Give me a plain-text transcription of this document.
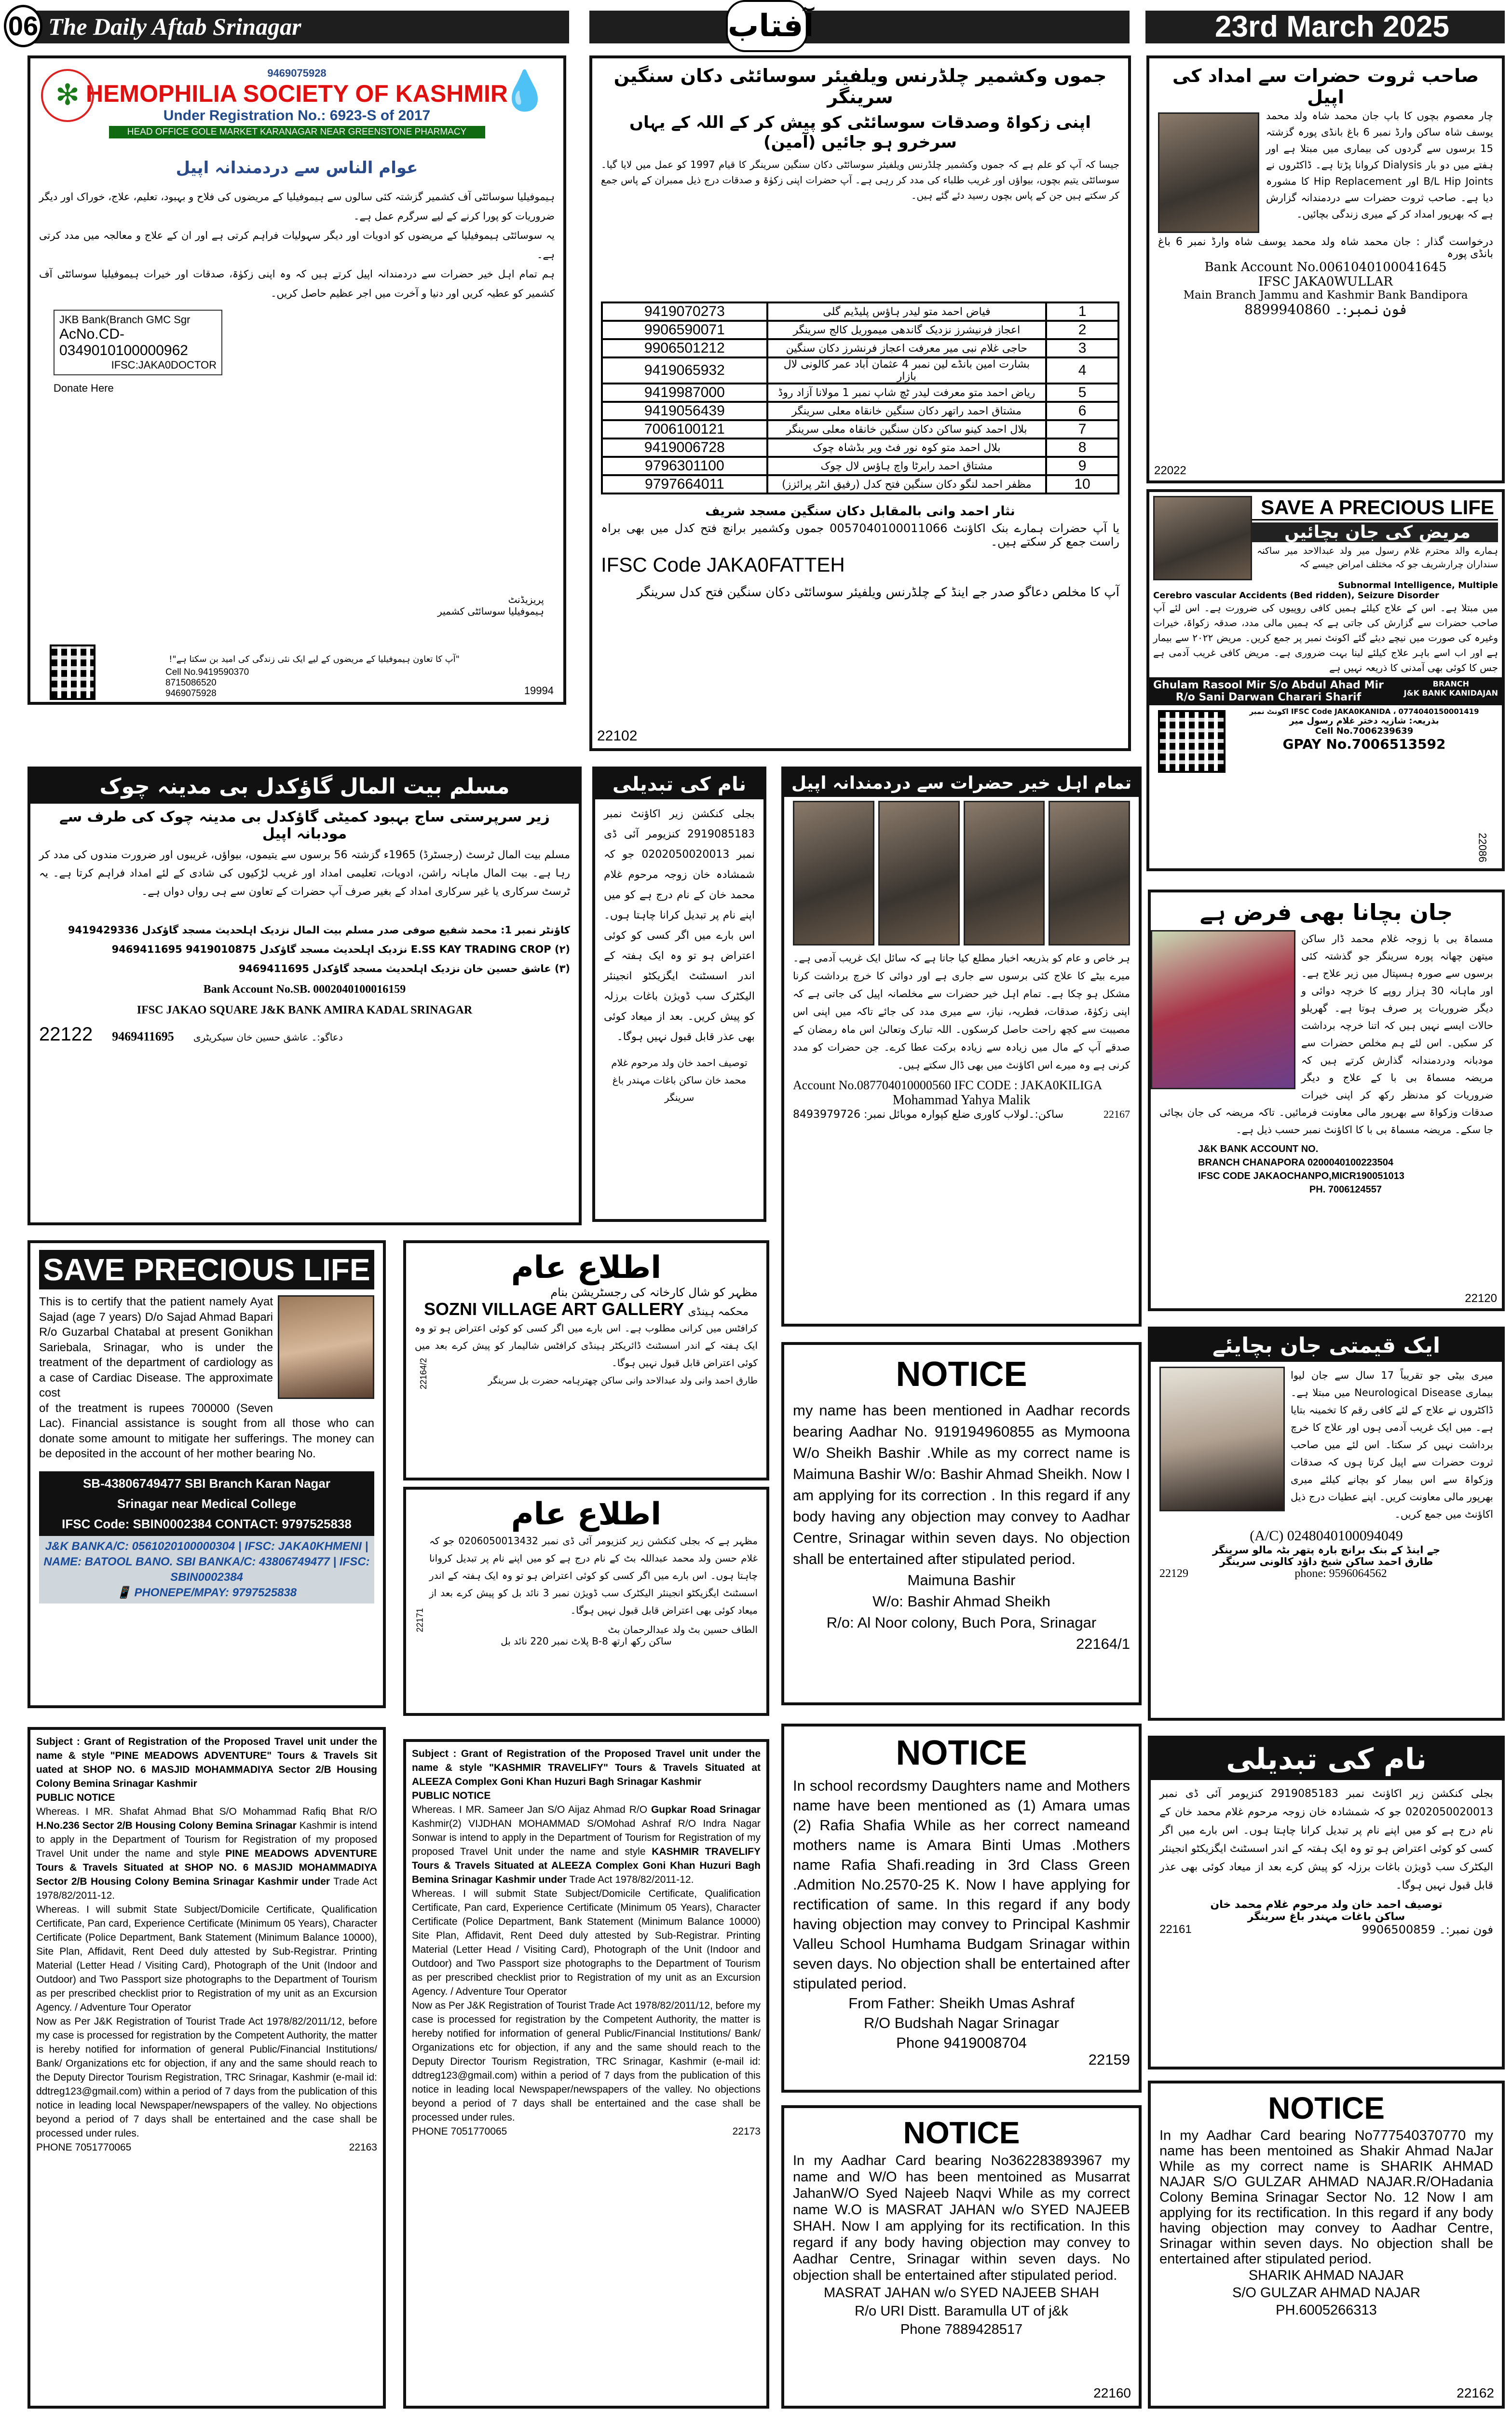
06 The Daily Aftab Srinagar	آفتاب	23rd March 2025
✻	💧
9469075928
HEMOPHILIA SOCIETY OF KASHMIR
Under Registration No.: 6923-S of 2017
HEAD OFFICE GOLE MARKET KARANAGAR NEAR GREENSTONE PHARMACY
عوام الناس سے دردمندانہ اپیل
ہیموفیلیا سوسائٹی آف کشمیر گزشتہ کئی سالوں سے ہیموفیلیا کے مریضوں کی فلاح و بہبود، تعلیم، علاج، خوراک اور دیگر ضروریات کو پورا کرنے کے لیے سرگرم عمل ہے۔
یہ سوسائٹی ہیموفیلیا کے مریضوں کو ادویات اور دیگر سہولیات فراہم کرتی ہے اور ان کے علاج و معالجہ میں مدد کرتی ہے۔
ہم تمام اہل خیر حضرات سے دردمندانہ اپیل کرتے ہیں کہ وہ اپنی زکوٰۃ، صدقات اور خیرات ہیموفیلیا سوسائٹی آف کشمیر کو عطیہ کریں اور دنیا و آخرت میں اجر عظیم حاصل کریں۔
JKB Bank(Branch GMC Sgr
AcNo.CD-0349010100000962
IFSC:JAKA0DOCTOR
پریزیڈنٹ
ہیموفیلیا سوسائٹی کشمیر
Donate Here
"آپ کا تعاون ہیموفیلیا کے مریضوں کے لیے ایک نئی زندگی کی امید بن سکتا ہے"!
Cell No.9419590370
8715086520
9469075928	19994
جموں وکشمیر چلڈرنس ویلفیئر سوسائٹی دکان سنگین سرینگر
اپنی زکواۃ وصدقات سوسائٹی کو پیش کر کے اللہ کے یہاں سرخرو ہو جائیں (آمین)
جیسا کہ آپ کو علم ہے کہ جموں وکشمیر چلڈرنس ویلفیئر سوسائٹی دکان سنگین سرینگر کا قیام 1997 کو عمل میں لایا گیا۔ سوسائٹی یتیم بچوں، بیواؤں اور غریب طلباء کی مدد کر رہی ہے۔ آپ حضرات اپنی زکوٰۃ و صدقات درج ذیل ممبران کے پاس جمع کر سکتے ہیں جن کے پاس بچوں رسید دئے گئے ہیں۔
9419070273	فیاض احمد متو لیدر ہاؤس پلیڈیم گلی	1
9906590071	اعجاز فرنیشرز نزدیک گاندھی میموریل کالج سرینگر	2
9906501212	حاجی غلام نبی میر معرفت اعجاز فرنشرز دکان سنگین	3
9419065932	بشارت امین بانڈے لین نمبر 4 عثمان آباد عمر کالونی لال بازار	4
9419987000	ریاض احمد متو معرفت لیدر ٹچ شاپ نمبر 1 مولانا آزاد روڈ	5
9419056439	مشتاق احمد راتھر دکان سنگین خانقاہ معلی سرینگر	6
7006100121	بلال احمد کینو ساکن دکان سنگین خانقاہ معلی سرینگر	7
9419006728	بلال احمد متو کوہ نور فٹ ویر بڈشاہ چوک	8
9796301100	مشتاق احمد رابرٹا واچ ہاؤس لال چوک	9
9797664011	مظفر احمد لنگو دکان سنگین فتح کدل (رفیق انٹر پرائزز)	10
نثار احمد وانی بالمقابل دکان سنگین مسجد شریف
یا آپ حضرات ہمارے بنک اکاؤنٹ 0057040100011066 جموں وکشمیر برانچ فتح کدل میں بھی براہ راست جمع کر سکتے ہیں۔
IFSC Code JAKA0FATTEH
آپ کا مخلص دعاگو صدر جے اینڈ کے چلڈرنس ویلفیئر سوسائٹی دکان سنگین فتح کدل سرینگر
22102
صاحب ثروت حضرات سے امداد کی اپیل
چار معصوم بچوں کا باپ جان محمد شاہ ولد محمد یوسف شاہ ساکن وارڈ نمبر 6 باغ بانڈی پورہ گزشتہ 15 برسوں سے گردوں کی بیماری میں مبتلا ہے اور ہفتے میں دو بار Dialysis کروانا پڑتا ہے۔ ڈاکٹروں نے B/L Hip Joints اور Hip Replacement کا مشورہ دیا ہے۔ صاحب ثروت حضرات سے دردمندانہ گزارش ہے کہ بھرپور امداد کر کے میری زندگی بچائیں۔
درخواست گذار : جان محمد شاہ ولد محمد یوسف شاہ وارڈ نمبر 6 باغ بانڈی پورہ
Bank Account No.0061040100041645
IFSC JAKA0WULLAR
Main Branch Jammu and Kashmir Bank Bandipora
8899940860 فون نمبر:۔
22022
SAVE A PRECIOUS LIFE
مریض کی جان بچائیں
ہمارے والد محترم غلام رسول میر ولد عبدالاحد میر ساکنہ سنداران چرارشریف جو کہ مختلف امراض جیسے کہ
Subnormal Intelligence, Multiple
Cerebro vascular Accidents (Bed ridden), Seizure Disorder
میں مبتلا ہے۔ اس کے علاج کیلئے ہمیں کافی روپیوں کی ضرورت ہے۔ اس لئے آپ صاحب حضرات سے گزارش کی جاتی ہے کہ ہمیں مالی مدد، صدقہ زکواۃ، خیرات وغیرہ کی صورت میں نیچے دیئے گئے اکونٹ نمبر پر جمع کریں۔ مریض ۲۰۲۲ سے بیمار ہے اور اب اسے باہر علاج کیلئے لینا بہت ضروری ہے۔ مریض کافی غریب آدمی ہے جس کا کوئی بھی آمدنی کا ذریعہ نہیں ہے
Ghulam Rasool Mir S/o Abdul Ahad Mir
R/o Sani Darwan Charari Sharif
BRANCH
J&K BANK KANIDAJAN
IFSC Code JAKA0KANIDA ، 0774040150001419 اکونٹ نمبر
بذریعہ: شازیہ دختر غلام رسول میر
Cell No.7006239639
GPAY No.7006513592
22086
مسلم بیت المال گاؤکدل بی مدینہ چوک
زیر سرپرستی ساج بہبود کمیٹی گاؤکدل بی مدینہ چوک کی طرف سے مودبانہ اپیل
مسلم بیت المال ٹرسٹ (رجسٹرڈ) 1965ء گزشتہ 56 برسوں سے یتیموں، بیواؤں، غریبوں اور ضرورت مندوں کی مدد کر رہا ہے۔ بیت المال ماہانہ راشن، ادویات، تعلیمی امداد اور غریب لڑکیوں کی شادی کے لئے امداد فراہم کرتا ہے۔ یہ ٹرسٹ سرکاری یا غیر سرکاری امداد کے بغیر صرف آپ حضرات کے تعاون سے ہی رواں دواں ہے۔
کاؤنٹر نمبر 1: محمد شفیع صوفی صدر مسلم بیت المال نزدیک اہلحدیث مسجد گاؤکدل 9419429336
(۲) E.SS KAY TRADING CROP نزدیک اہلحدیث مسجد گاؤکدل 9419010875 9469411695
(۳) عاشق حسین خان نزدیک اہلحدیث مسجد گاؤکدل 9469411695
Bank Account No.SB. 0002040100016159
IFSC JAKAO SQUARE J&K BANK AMIRA KADAL SRINAGAR
22122 9469411695 دعاگو:۔ عاشق حسین خان سیکریٹری
نام کی تبدیلی
بجلی کنکشن زیر اکاؤنٹ نمبر 2919085183 کنزیومر آئی ڈی نمبر 0202050020013 جو کہ شمشادہ خان زوجہ مرحوم غلام محمد خان کے نام درج ہے کو میں اپنے نام پر تبدیل کرانا چاہتا ہوں۔ اس بارے میں اگر کسی کو کوئی اعتراض ہو تو وہ ایک ہفتہ کے اندر اسسٹنٹ ایگزیکٹو انجینئر الیکٹرک سب ڈویژن باغات برزلہ کو پیش کریں۔ بعد از میعاد کوئی بھی عذر قابل قبول نہیں ہوگا۔
توصیف احمد خان ولد مرحوم غلام محمد خان ساکن باغات مہندر باغ سرینگر
تمام اہل خیر حضرات سے دردمندانہ اپیل
ہر خاص و عام کو بذریعہ اخبار مطلع کیا جاتا ہے کہ سائل ایک غریب آدمی ہے۔ میرے بیٹے کا علاج کئی برسوں سے جاری ہے اور دوائی کا خرچ برداشت کرنا مشکل ہو چکا ہے۔ تمام اہل خیر حضرات سے مخلصانہ اپیل کی جاتی ہے کہ اپنی زکوٰۃ، صدقات، فطریہ، نیاز، سے میری مدد کی جائے تاکہ میں اپنی اس مصیبت سے کچھ راحت حاصل کرسکوں۔ اللہ تبارک وتعالیٰ اس ماہ رمضان کے صدقے آپ کے مال میں زیادہ سے زیادہ برکت عطا کرے۔ جن حضرات کو مدد کرنی ہے وہ میرے اس اکاؤنٹ میں بھی ڈال سکتے ہیں۔
Account No.087704010000560 IFC CODE : JAKA0KILIGA
Mohammad Yahya Malik
ساکن:۔لولاب کاوری ضلع کپوارہ موبائل نمبر: 8493979726	22167
جان بچانا بھی فرض ہے
مسماۃ بی با زوجہ غلام محمد ڈار ساکن میتھن چھانہ پورہ سرینگر جو گذشتہ کئی برسوں سے صورہ ہسپتال میں زیر علاج ہے۔ اور ماہانہ 30 ہزار روپے کا خرچہ دوائی و دیگر ضروریات پر صرف ہوتا ہے۔ گھریلو حالات ایسے نہیں ہیں کہ اتنا خرچہ برداشت کر سکیں۔ اس لئے ہم مخلص حضرات سے مودبانہ ودردمندانہ گذارش کرتے ہیں کہ مریضہ مسماۃ بی با کے علاج و دیگر ضروریات کو مدنظر رکھ کر اپنی خیرات صدقات وزکواۃ سے بھرپور مالی معاونت فرمائیں۔ تاکہ مریضہ کی جان بچائی جا سکے۔ مریضہ مسماۃ بی با کا اکاؤنٹ نمبر حسب ذیل ہے۔
J&K BANK ACCOUNT NO.
BRANCH CHANAPORA 0200040100223504
IFSC CODE JAKAOCHANPO,MICR190051013
PH. 7006124557
22120
SAVE PRECIOUS LIFE
This is to certify that the patient namely Ayat Sajad (age 7 years) D/o Sajad Ahmad Bapari R/o Guzarbal Chatabal at present Gonikhan Sariebala, Srinagar, who is under the treatment of the department of cardiology as a case of Cardiac Disease. The approximate cost
of the treatment is rupees 700000 (Seven Lac). Financial assistance is sought from all those who can donate some amount to mitigate her sufferings. The money can be deposited in the account of her mother bearing No.
SB-43806749477 SBI Branch Karan Nagar
Srinagar near Medical College
IFSC Code: SBIN0002384 CONTACT: 9797525838
J&K BANKA/C: 0561020100000304 | IFSC: JAKA0KHMENI | NAME: BATOOL BANO. SBI BANKA/C: 43806749477 | IFSC: SBIN0002384
📱 PHONEPE/MPAY: 9797525838
اطلاع عام
مظہر کو شال کارخانہ کی رجسٹریشن بنام
SOZNI VILLAGE ART GALLERY محکمہ ہینڈی
کرافٹس میں کرانی مطلوب ہے۔ اس بارے میں اگر کسی کو کوئی اعتراض ہو تو وہ ایک ہفتہ کے اندر اسسٹنٹ ڈائریکٹر ہینڈی کرافٹس شالیمار کو پیش کرے بعد میں کوئی اعتراض قابل قبول نہیں ہوگا۔
طارق احمد وانی ولد عبدالاحد وانی ساکن چھترہامہ حضرت بل سرینگر
22164/2
اطلاع عام
مظہر ہے کہ بجلی کنکشن زیر کنزیومر آئی ڈی نمبر 0206050013432 جو کہ غلام حسن ولد محمد عبداللہ بٹ کے نام درج ہے کو میں اپنے نام پر تبدیل کروانا چاہتا ہوں۔ اس بارے میں اگر کسی کو کوئی اعتراض ہو تو وہ ایک ہفتہ کے اندر اسسٹنٹ ایگزیکٹو انجینئر الیکٹرک سب ڈویژن نمبر 3 نائد بل کو پیش کرے بعد از میعاد کوئی بھی اعتراض قابل قبول نہیں ہوگا۔
الطاف حسین بٹ ولد عبدالرحمان بٹ
ساکن رکھ ارتھ B-8 پلاٹ نمبر 220 نائد بل
22171
NOTICE
my name has been mentioned in Aadhar records bearing Aadhar No. 919194960855 as Mymoona W/o Sheikh Bashir .While as my correct name is Maimuna Bashir W/o: Bashir Ahmad Sheikh. Now I am applying for its correction . In this regard if any body having any objection may convey to Aadhar Centre, Srinagar within seven days. No objection shall be entertained after stipulated period.
Maimuna Bashir
W/o: Bashir Ahmad Sheikh
R/o: Al Noor colony, Buch Pora, Srinagar
22164/1
ایک قیمتی جان بچایئے
میری بیٹی جو تقریباً 17 سال سے جان لیوا بیماری Neurological Disease میں مبتلا ہے۔ ڈاکٹروں نے علاج کے لئے کافی رقم کا تخمینہ بتایا ہے۔ میں ایک غریب آدمی ہوں اور علاج کا خرچ برداشت نہیں کر سکتا۔ اس لئے میں صاحب ثروت حضرات سے اپیل کرتا ہوں کہ صدقات وزکواۃ سے اس بیمار کو بچانے کیلئے میری بھرپور مالی معاونت کریں۔ اپنے عطیات درج ذیل اکاؤنٹ میں جمع کریں۔
(A/C) 0248040100094049
جے اینڈ کے بنک برانچ بارہ پتھر بٹہ مالو سرینگر
طارق احمد ساکن شیخ داؤد کالونی سرینگر
22129	phone: 9596064562
Subject : Grant of Registration of the Proposed Travel unit under the name & style "PINE MEADOWS ADVENTURE" Tours & Travels Sit uated at SHOP NO. 6 MASJID MOHAMMADIYA Sector 2/B Housing Colony Bemina Srinagar Kashmir
PUBLIC NOTICE
Whereas. I MR. Shafat Ahmad Bhat S/O Mohammad Rafiq Bhat R/O H.No.236 Sector 2/B Housing Colony Bemina Srinagar Kashmir is intend to apply in the Department of Tourism for Registration of my proposed Travel Unit under the name and style PINE MEADOWS ADVENTURE Tours & Travels Situated at SHOP NO. 6 MASJID MOHAMMADIYA Sector 2/B Housing Colony Bemina Srinagar Kashmir under Trade Act 1978/82/2011-12.
Whereas. I will submit State Subject/Domicile Certificate, Qualification Certificate, Pan card, Experience Certificate (Minimum 05 Years), Character Certificate (Police Department, Bank Statement (Minimum Balance 10000), Site Plan, Affidavit, Rent Deed duly attested by Sub-Registrar. Printing Material (Letter Head / Visiting Card), Photograph of the Unit (Indoor and Outdoor) and Two Passport size photographs to the Department of Tourism as per prescribed checklist prior to Registration of my unit as an Excursion Agency. / Adventure Tour Operator
Now as Per J&K Registration of Tourist Trade Act 1978/82/2011/12, before my case is processed for registration by the Competent Authority, the matter is hereby notified for information of general Public/Financial Institutions/ Bank/ Organizations etc for objection, if any and the same should reach to the Deputy Director Tourism Registration, TRC Srinagar, Kashmir (e-mail id: ddtreg123@gmail.com) within a period of 7 days from the publication of this notice in leading local Newspaper/newspapers of the valley. No objections beyond a period of 7 days shall be entertained and the case shall be processed under rules.
PHONE 7051770065	22163
Subject : Grant of Registration of the Proposed Travel unit under the name & style "KASHMIR TRAVELIFY" Tours & Travels Situated at ALEEZA Complex Goni Khan Huzuri Bagh Srinagar Kashmir
PUBLIC NOTICE
Whereas. I MR. Sameer Jan S/O Aijaz Ahmad R/O Gupkar Road Srinagar Kashmir(2) VIJDHAN MOHAMMAD S/OMohad Ashraf R/O Indra Nagar Sonwar is intend to apply in the Department of Tourism for Registration of my proposed Travel Unit under the name and style KASHMIR TRAVELIFY Tours & Travels Situated at ALEEZA Complex Goni Khan Huzuri Bagh Bemina Srinagar Kashmir under Trade Act 1978/82/2011-12.
Whereas. I will submit State Subject/Domicile Certificate, Qualification Certificate, Pan card, Experience Certificate (Minimum 05 Years), Character Certificate (Police Department, Bank Statement (Minimum Balance 10000) Site Plan, Affidavit, Rent Deed duly attested by Sub-Registrar. Printing Material (Letter Head / Visiting Card), Photograph of the Unit (Indoor and Outdoor) and Two Passport size photographs to the Department of Tourism as per prescribed checklist prior to Registration of my unit as an Excursion Agency. / Adventure Tour Operator
Now as Per J&K Registration of Tourist Trade Act 1978/82/2011/12, before my case is processed for registration by the Competent Authority, the matter is hereby notified for information of general Public/Financial Institutions/ Bank/ Organizations etc for objection, if any and the same should reach to the Deputy Director Tourism Registration, TRC Srinagar, Kashmir (e-mail id: ddtreg123@gmail.com) within a period of 7 days from the publication of this notice in leading local Newspaper/newspapers of the valley. No objections beyond a period of 7 days shall be entertained and the case shall be processed under rules.
PHONE 7051770065	22173
NOTICE
In school recordsmy Daughters name and Mothers name have been mentioned as (1) Amara umas (2) Rafia Shafia While as her correct nameand mothers name is Amara Binti Umas .Mothers name Rafia Shafi.reading in 3rd Class Green .Admition No.2570-25 K. Now I have applying for rectification of same. In this regard if any body having objection may convey to Principal Kashmir Valleu School Humhama Budgam Srinagar within seven days. No objection shall be entertained after stipulated period.
From Father: Sheikh Umas Ashraf
R/O Budshah Nagar Srinagar
Phone 9419008704
22159
NOTICE
In my Aadhar Card bearing No362283893967 my name and W/O has been mentoined as Musarrat JahanW/O Syed Najeeb Naqvi While as my correct name W.O is MASRAT JAHAN w/o SYED NAJEEB SHAH. Now I am applying for its rectification. In this regard if any body having objection may convey to Aadhar Centre, Srinagar within seven days. No objection shall be entertained after stipulated period.
MASRAT JAHAN w/o SYED NAJEEB SHAH
R/o URI Distt. Baramulla UT of j&k
Phone 7889428517
22160
نام کی تبدیلی
بجلی کنکشن زیر اکاؤنٹ نمبر 2919085183 کنزیومر آئی ڈی نمبر 0202050020013 جو کہ شمشادہ خان زوجہ مرحوم غلام محمد خان کے نام درج ہے کو میں اپنے نام پر تبدیل کرانا چاہتا ہوں۔ اس بارے میں اگر کسی کو کوئی اعتراض ہو تو وہ ایک ہفتہ کے اندر اسسٹنٹ ایگزیکٹو انجینئر الیکٹرک سب ڈویژن باغات برزلہ کو پیش کرے بعد از میعاد کوئی بھی عذر قابل قبول نہیں ہوگا۔
توصیف احمد خان ولد مرحوم غلام محمد خان
ساکن باغات مہندر باغ سرینگر
22161	فون نمبر:۔ 9906500859
NOTICE
In my Aadhar Card bearing No777540370770 my name has been mentoined as Shakir Ahmad NaJar While as my correct name is SHARIK AHMAD NAJAR S/O GULZAR AHMAD NAJAR.R/OHadania Colony Bemina Srinagar Sector No. 12 Now I am applying for its rectification. In this regard if any body having objection may convey to Aadhar Centre, Srinagar within seven days. No objection shall be entertained after stipulated period.
SHARIK AHMAD NAJAR
S/O GULZAR AHMAD NAJAR
PH.6005266313
22162
